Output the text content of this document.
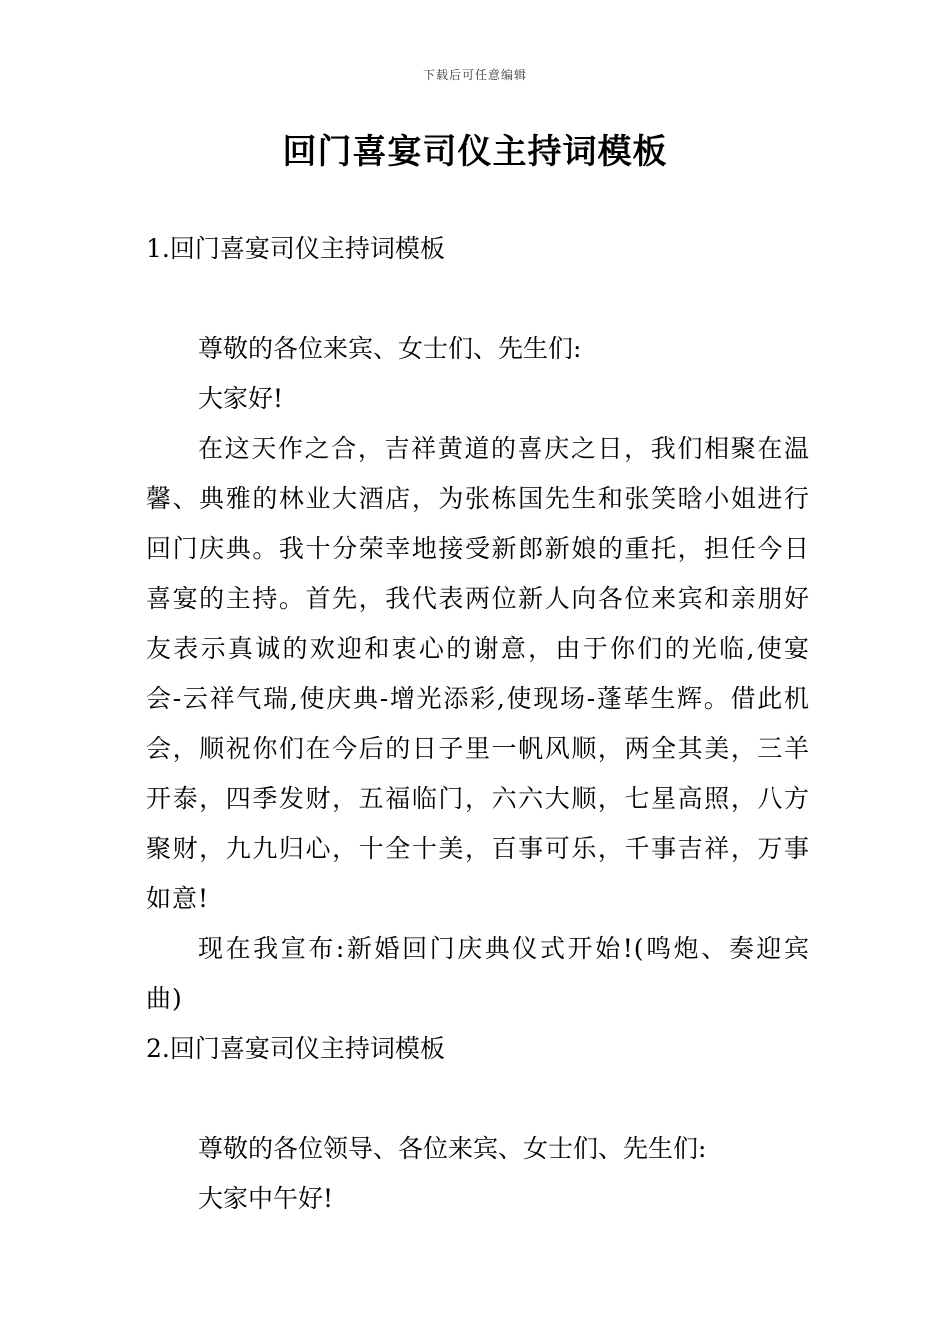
下载后可任意编辑
回门喜宴司仪主持词模板

1.回门喜宴司仪主持词模板

尊敬的各位来宾、女士们、先生们:

大家好!

在这天作之合，吉祥黄道的喜庆之日，我们相聚在温馨、典雅的林业大酒店，为张栋国先生和张笑晗小姐进行回门庆典。我十分荣幸地接受新郎新娘的重托，担任今日喜宴的主持。首先，我代表两位新人向各位来宾和亲朋好友表示真诚的欢迎和衷心的谢意，由于你们的光临,使宴会-云祥气瑞,使庆典-增光添彩,使现场-蓬荜生辉。借此机会，顺祝你们在今后的日子里一帆风顺，两全其美，三羊开泰，四季发财，五福临门，六六大顺，七星高照，八方聚财，九九归心，十全十美，百事可乐，千事吉祥，万事如意!

现在我宣布:新婚回门庆典仪式开始!(鸣炮、奏迎宾曲)

2.回门喜宴司仪主持词模板

尊敬的各位领导、各位来宾、女士们、先生们:

大家中午好!
